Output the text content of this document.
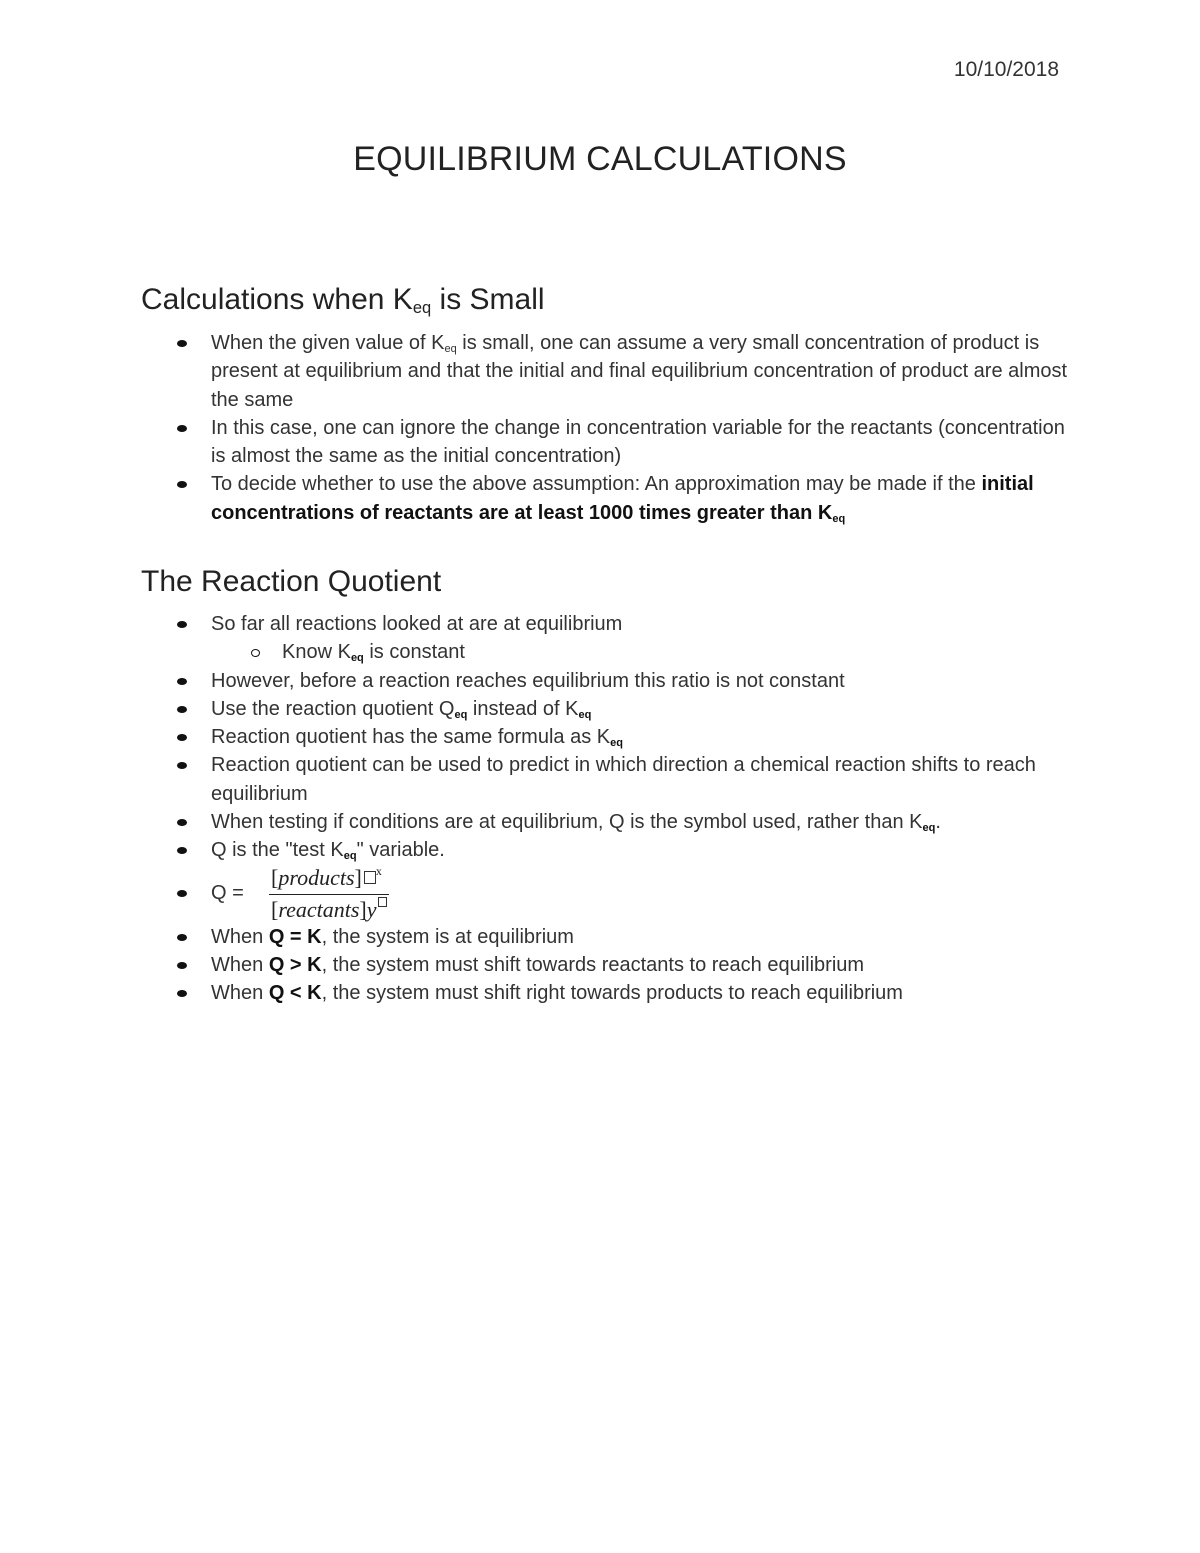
10/10/2018
EQUILIBRIUM CALCULATIONS
Calculations when $K_{eq}$ is Small
When the given value of $K_{eq}$ is small, one can assume a very small concentration of product is present at equilibrium and that the initial and final equilibrium concentration of product are almost the same
In this case, one can ignore the change in concentration variable for the reactants (concentration is almost the same as the initial concentration)
To decide whether to use the above assumption: An approximation may be made if the initial concentrations of reactants are at least 1000 times greater than $K_{eq}$
The Reaction Quotient
So far all reactions looked at are at equilibrium
Know $K_{eq}$ is constant
However, before a reaction reaches equilibrium this ratio is not constant
Use the reaction quotient $Q_{eq}$ instead of $K_{eq}$
Reaction quotient has the same formula as $K_{eq}$
Reaction quotient can be used to predict in which direction a chemical reaction shifts to reach equilibrium
When testing if conditions are at equilibrium, Q is the symbol used, rather than $K_{eq}$.
Q is the "test $K_{eq}$" variable.
Q =
[products] $^x$
[reactants]y
When Q = K, the system is at equilibrium
When Q > K, the system must shift towards reactants to reach equilibrium
When Q < K, the system must shift right towards products to reach equilibrium
